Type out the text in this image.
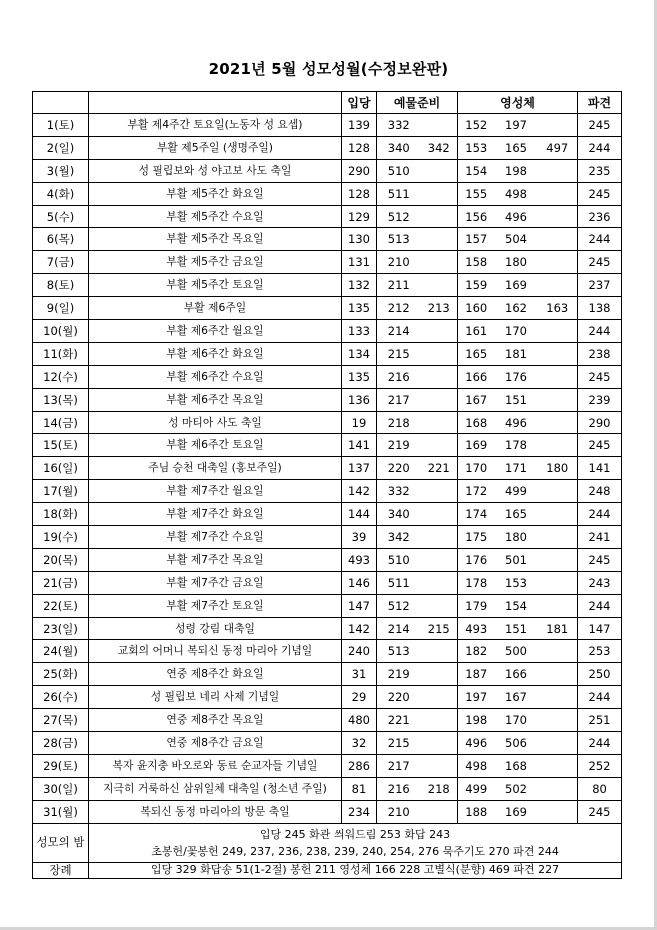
2021년 5월 성모성월(수정보완판)
		입당	예물준비		영성체			파견
1(토)	부활 제4주간 토요일(노동자 성 요셉)	139	332		152	197		245
2(일)	부활 제5주일 (생명주일)	128	340	342	153	165	497	244
3(월)	성 필립보와 성 야고보 사도 축일	290	510		154	198		235
4(화)	부활 제5주간 화요일	128	511		155	498		245
5(수)	부활 제5주간 수요일	129	512		156	496		236
6(목)	부활 제5주간 목요일	130	513		157	504		244
7(금)	부활 제5주간 금요일	131	210		158	180		245
8(토)	부활 제5주간 토요일	132	211		159	169		237
9(일)	부활 제6주일	135	212	213	160	162	163	138
10(월)	부활 제6주간 월요일	133	214		161	170		244
11(화)	부활 제6주간 화요일	134	215		165	181		238
12(수)	부활 제6주간 수요일	135	216		166	176		245
13(목)	부활 제6주간 목요일	136	217		167	151		239
14(금)	성 마티아 사도 축일	19	218		168	496		290
15(토)	부활 제6주간 토요일	141	219		169	178		245
16(일)	주님 승천 대축일 (홍보주일)	137	220	221	170	171	180	141
17(월)	부활 제7주간 월요일	142	332		172	499		248
18(화)	부활 제7주간 화요일	144	340		174	165		244
19(수)	부활 제7주간 수요일	39	342		175	180		241
20(목)	부활 제7주간 목요일	493	510		176	501		245
21(금)	부활 제7주간 금요일	146	511		178	153		243
22(토)	부활 제7주간 토요일	147	512		179	154		244
23(일)	성령 강림 대축일	142	214	215	493	151	181	147
24(월)	교회의 어머니 복되신 동정 마리아 기념일	240	513		182	500		253
25(화)	연중 제8주간 화요일	31	219		187	166		250
26(수)	성 필립보 네리 사제 기념일	29	220		197	167		244
27(목)	연중 제8주간 목요일	480	221		198	170		251
28(금)	연중 제8주간 금요일	32	215		496	506		244
29(토)	복자 윤지충 바오로와 동료 순교자들 기념일	286	217		498	168		252
30(일)	지극히 거룩하신 삼위일체 대축일 (청소년 주일)	81	216	218	499	502		80
31(월)	복되신 동정 마리아의 방문 축일	234	210		188	169		245
성모의 밤	입당 245 화관 씌워드림 253 화답 243
초봉헌/꽃봉헌 249, 237, 236, 238, 239, 240, 254, 276 묵주기도 270 파견 244							

장례	입당 329 화답송 51(1-2절) 봉헌 211 영성체 166 228 고별식(분향) 469 파견 227							
